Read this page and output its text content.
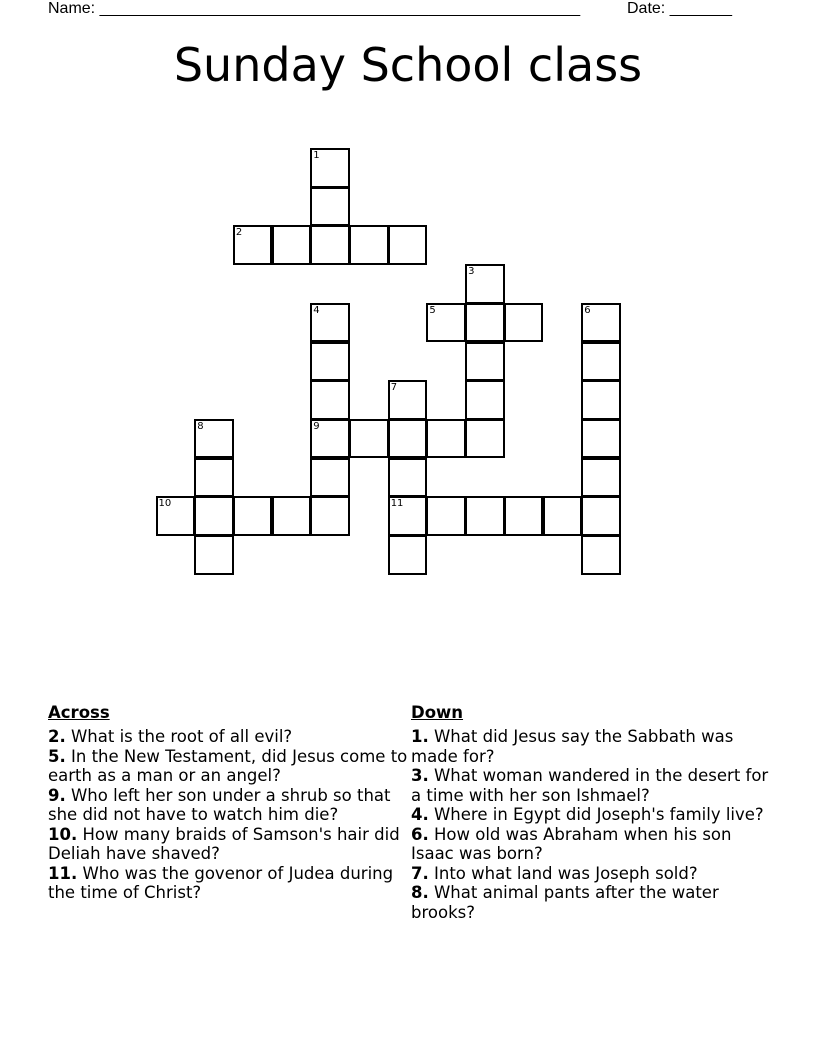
Name: ______________________________________________________	Date: _______
Sunday School class
1
2
3
4	5	6
7
8	9
10	11
Across

2. What is the root of all evil?

5. In the New Testament, did Jesus come to earth as a man or an angel?

9. Who left her son under a shrub so that she did not have to watch him die?

10. How many braids of Samson's hair did Deliah have shaved?

11. Who was the govenor of Judea during the time of Christ?

Down

1. What did Jesus say the Sabbath was made for?

3. What woman wandered in the desert for a time with her son Ishmael?

4. Where in Egypt did Joseph's family live?

6. How old was Abraham when his son Isaac was born?

7. Into what land was Joseph sold?

8. What animal pants after the water brooks?
